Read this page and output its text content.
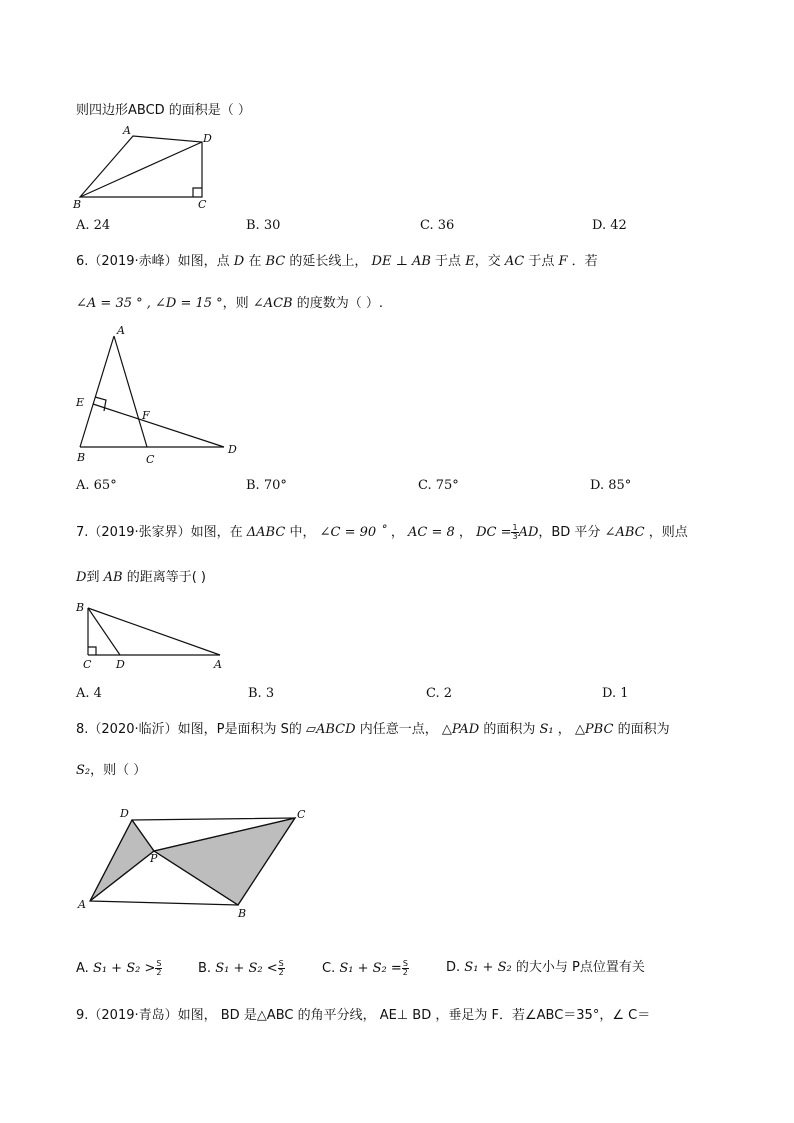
则四边形ABCD 的面积是（ ）
A
D
B	C
A. 24	B. 30	C. 36	D. 42
6.（2019·赤峰）如图，点 D 在 BC 的延长线上， DE ⊥ AB 于点 E，交 AC 于点 F ．若
∠A = 35 ° , ∠D = 15 °，则 ∠ACB 的度数为（ ）.
A
E
F
B	C
D
A. 65°	B. 70°	C. 75°	D. 85°
7.（2019·张家界）如图，在 ΔABC 中， ∠C = 90 ˚ ， AC = 8 ， DC = $\frac{1}{3}$ AD，BD 平分 ∠ABC ，则点
D到 AB 的距离等于( )
B
C D	A
A. 4	B. 3	C. 2	D. 1
8.（2020·临沂）如图，P是面积为 S的 ▱ABCD 内任意一点， △PAD 的面积为 S₁ ， △PBC 的面积为
S₂，则（ ）
D	C
P
A
B
A. $S_1 + S_2 > \frac{S}{2}$	B. $S_1 + S_2 < \frac{S}{2}$	C. $S_1 + S_2 = \frac{S}{2}$	D. S₁ + S₂ 的大小与 P点位置有关
9.（2019·青岛）如图， BD 是△ABC 的角平分线， AE⊥ BD ，垂足为 F．若∠ABC＝35°，∠ C＝
